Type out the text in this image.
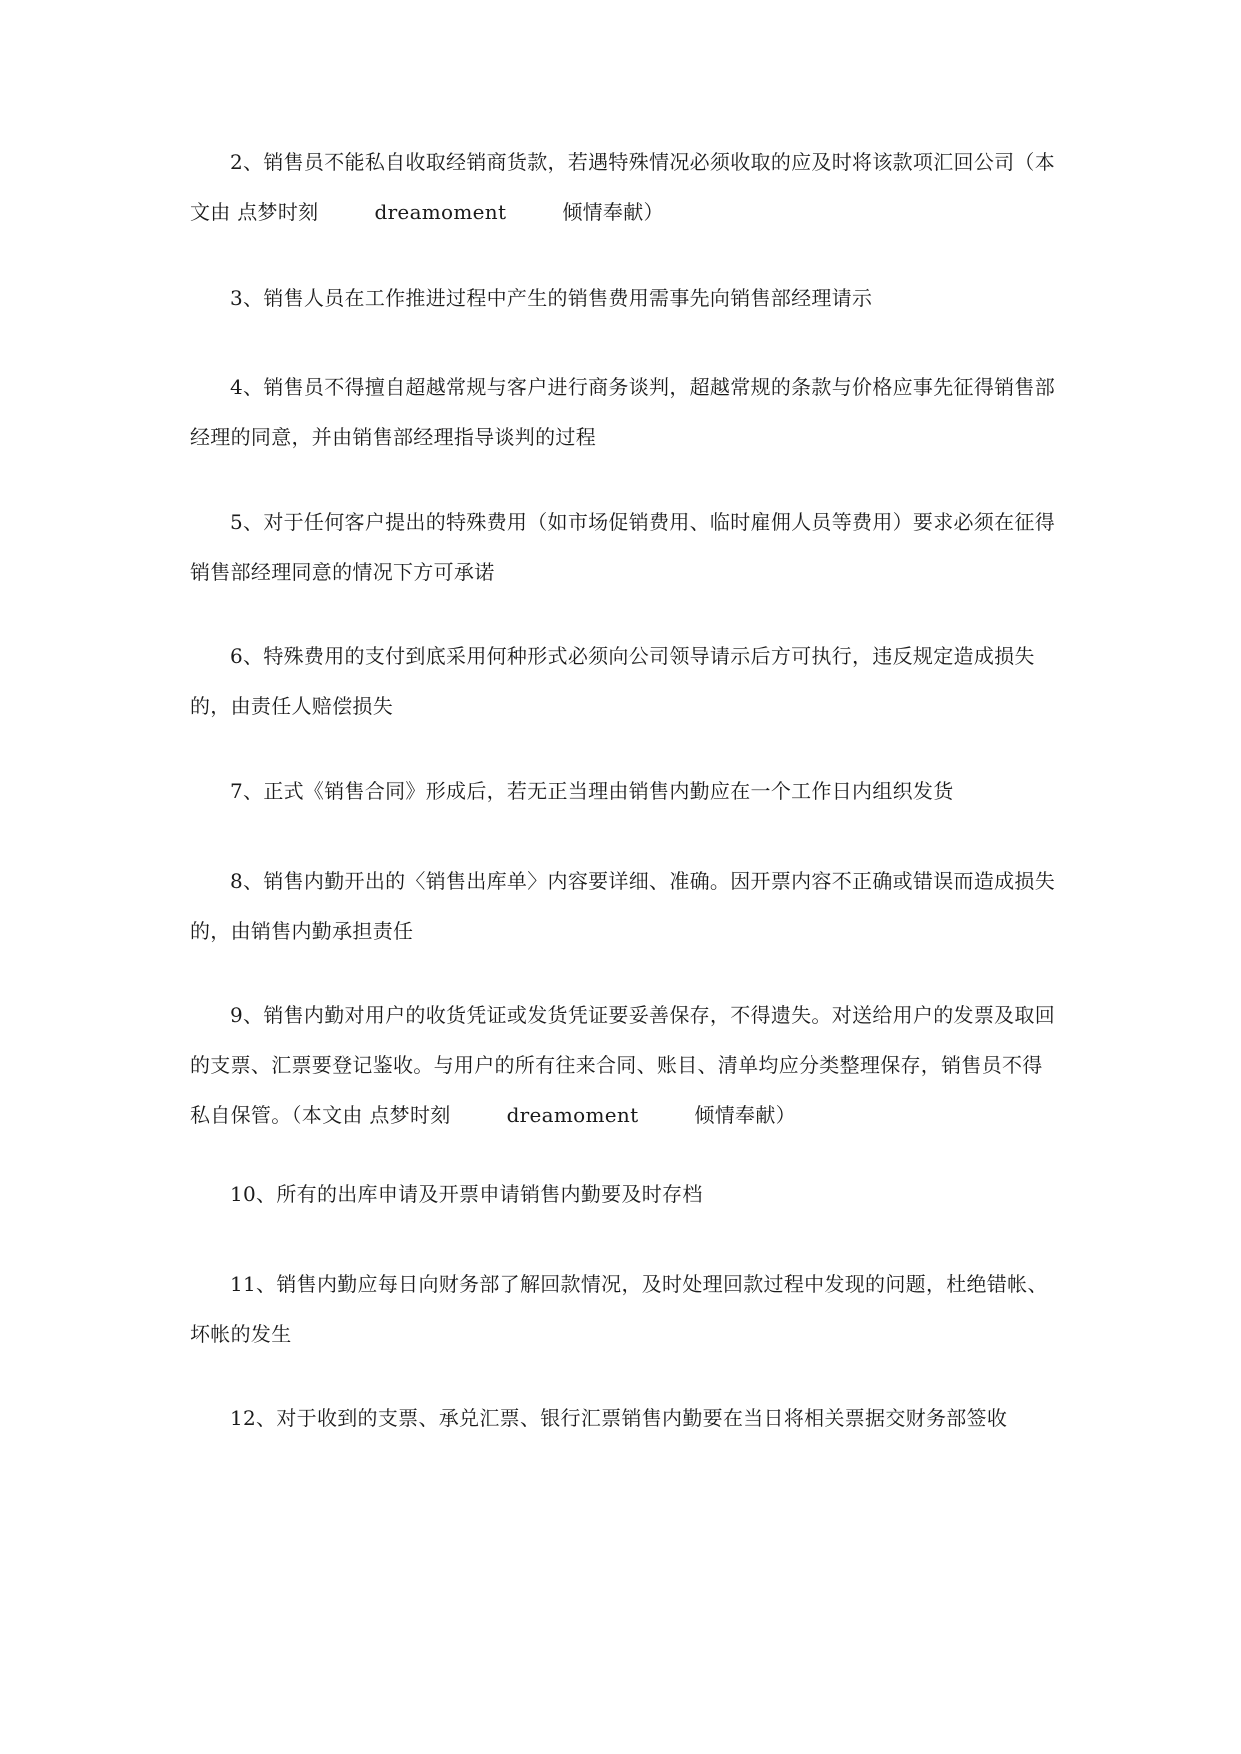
2、销售员不能私自收取经销商货款，若遇特殊情况必须收取的应及时将该款项汇回公司（本文由 点梦时刻	dreamoment	倾情奉献）

3、销售人员在工作推进过程中产生的销售费用需事先向销售部经理请示

4、销售员不得擅自超越常规与客户进行商务谈判，超越常规的条款与价格应事先征得销售部经理的同意，并由销售部经理指导谈判的过程

5、对于任何客户提出的特殊费用（如市场促销费用、临时雇佣人员等费用）要求必须在征得销售部经理同意的情况下方可承诺

6、特殊费用的支付到底采用何种形式必须向公司领导请示后方可执行，违反规定造成损失的，由责任人赔偿损失

7、正式《销售合同》形成后，若无正当理由销售内勤应在一个工作日内组织发货

8、销售内勤开出的〈销售出库单〉内容要详细、准确。因开票内容不正确或错误而造成损失的，由销售内勤承担责任

9、销售内勤对用户的收货凭证或发货凭证要妥善保存，不得遗失。对送给用户的发票及取回的支票、汇票要登记鉴收。与用户的所有往来合同、账目、清单均应分类整理保存，销售员不得私自保管。（本文由 点梦时刻	dreamoment	倾情奉献）

10、所有的出库申请及开票申请销售内勤要及时存档

11、销售内勤应每日向财务部了解回款情况，及时处理回款过程中发现的问题，杜绝错帐、坏帐的发生

12、对于收到的支票、承兑汇票、银行汇票销售内勤要在当日将相关票据交财务部签收
